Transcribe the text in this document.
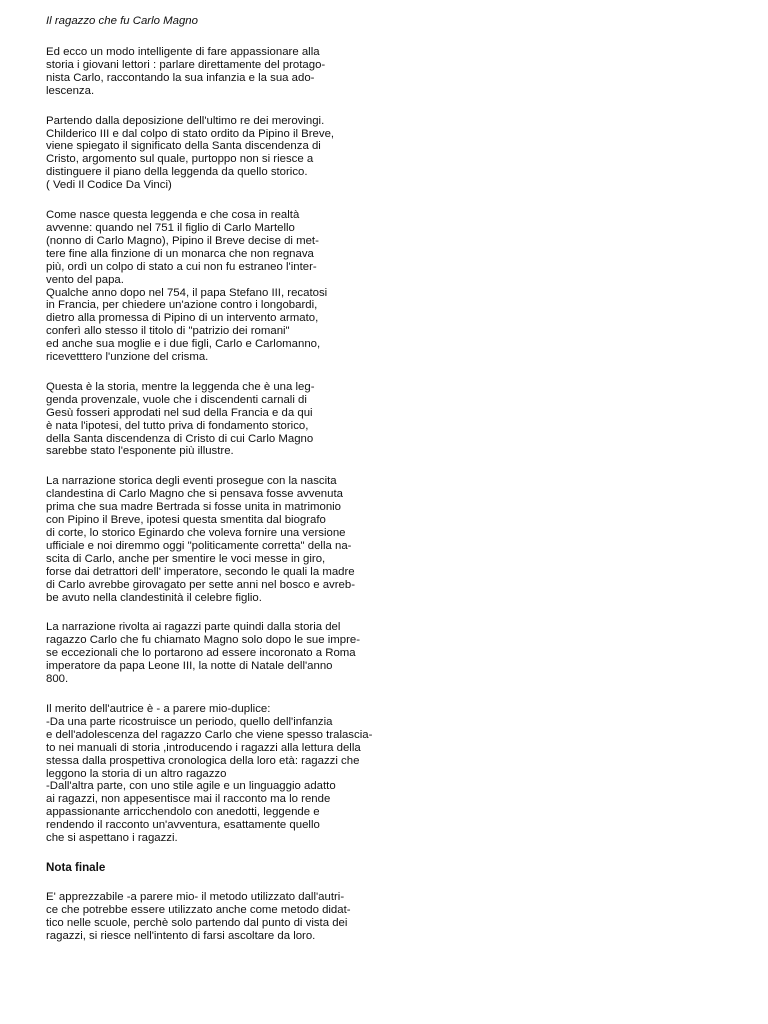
Il ragazzo che fu Carlo Magno
Ed ecco un modo intelligente di fare appassionare alla
storia i giovani lettori : parlare direttamente del protago-
nista Carlo, raccontando la sua infanzia e la sua ado-
lescenza.
Partendo dalla deposizione dell'ultimo re dei merovingi.
Childerico III e dal colpo di stato ordito da Pipino il Breve,
viene spiegato il significato della Santa discendenza di
Cristo, argomento sul quale, purtoppo non si riesce a
distinguere il piano della leggenda da quello storico.
( Vedi Il Codice Da Vinci)
Come nasce questa leggenda e che cosa in realtà
avvenne: quando nel 751 il figlio di Carlo Martello
(nonno di Carlo Magno), Pipino il Breve decise di met-
tere fine alla finzione di un monarca che non regnava
più, ordì un colpo di stato a cui non fu estraneo l'inter-
vento del papa.
Qualche anno dopo nel 754, il papa Stefano III, recatosi
in Francia, per chiedere un'azione contro i longobardi,
dietro alla promessa di Pipino di un intervento armato,
conferì allo stesso il titolo di "patrizio dei romani"
ed anche sua moglie e i due figli, Carlo e Carlomanno,
ricevetttero l'unzione del crisma.
Questa è la storia, mentre la leggenda che è una leg-
genda provenzale, vuole che i discendenti carnali di
Gesù fosseri approdati nel sud della Francia e da qui
è nata l'ipotesi, del tutto priva di fondamento storico,
della Santa discendenza di Cristo di cui Carlo Magno
sarebbe stato l'esponente più illustre.
La narrazione storica degli eventi prosegue con la nascita
clandestina di Carlo Magno che si pensava fosse avvenuta
prima che sua madre Bertrada si fosse unita in matrimonio
con Pipino il Breve, ipotesi questa smentita dal biografo
di corte, lo storico Eginardo che voleva fornire una versione
ufficiale e noi diremmo oggi "politicamente corretta" della na-
scita di Carlo, anche per smentire le voci messe in giro,
forse dai detrattori dell' imperatore, secondo le quali la madre
di Carlo avrebbe girovagato per sette anni nel bosco e avreb-
be avuto nella clandestinità il celebre figlio.
La narrazione rivolta ai ragazzi parte quindi dalla storia del
ragazzo Carlo che fu chiamato Magno solo dopo le sue impre-
se eccezionali che lo portarono ad essere incoronato a Roma
imperatore da papa Leone III, la notte di Natale dell'anno
800.
Il merito dell'autrice è - a parere mio-duplice:
-Da una parte ricostruisce un periodo, quello dell'infanzia
e dell'adolescenza del ragazzo Carlo che viene spesso tralascia-
to nei manuali di storia ,introducendo i ragazzi alla lettura della
stessa dalla prospettiva cronologica della loro età: ragazzi che
leggono la storia di un altro ragazzo
-Dall'altra parte, con uno stile agile e un linguaggio adatto
ai ragazzi, non appesentisce mai il racconto ma lo rende
appassionante arricchendolo con anedotti, leggende e
rendendo il racconto un'avventura, esattamente quello
che si aspettano i ragazzi.
Nota finale
E' apprezzabile -a parere mio- il metodo utilizzato dall'autri-
ce che potrebbe essere utilizzato anche come metodo didat-
tico nelle scuole, perchè solo partendo dal punto di vista dei
ragazzi, si riesce nell'intento di farsi ascoltare da loro.
